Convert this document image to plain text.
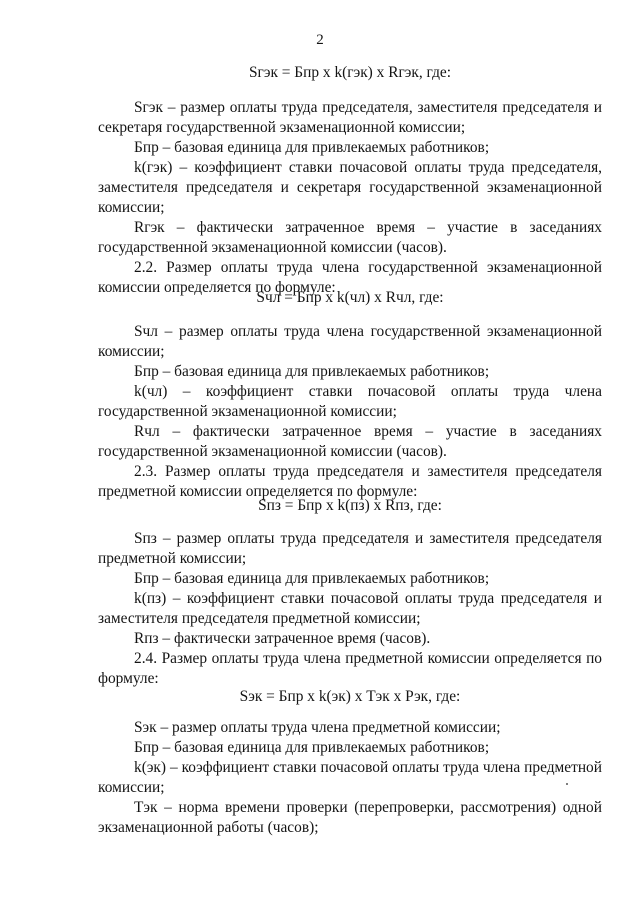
2

Sгэк = Бпр x k(гэк) x Rгэк, где:

Sгэк – размер оплаты труда председателя, заместителя председателя и секретаря государственной экзаменационной комиссии;

Бпр – базовая единица для привлекаемых работников;

k(гэк) – коэффициент ставки почасовой оплаты труда председателя, заместителя председателя и секретаря государственной экзаменационной комиссии;

Rгэк – фактически затраченное время – участие в заседаниях государственной экзаменационной комиссии (часов).

2.2. Размер оплаты труда члена государственной экзаменационной комиссии определяется по формуле:

Sчл = Бпр x k(чл) x Rчл, где:

Sчл – размер оплаты труда члена государственной экзаменационной комиссии;

Бпр – базовая единица для привлекаемых работников;

k(чл) – коэффициент ставки почасовой оплаты труда члена государственной экзаменационной комиссии;

Rчл – фактически затраченное время – участие в заседаниях государственной экзаменационной комиссии (часов).

2.3. Размер оплаты труда председателя и заместителя председателя предметной комиссии определяется по формуле:

Sпз = Бпр x k(пз) x Rпз, где:

Sпз – размер оплаты труда председателя и заместителя председателя предметной комиссии;

Бпр – базовая единица для привлекаемых работников;

k(пз) – коэффициент ставки почасовой оплаты труда председателя и заместителя председателя предметной комиссии;

Rпз – фактически затраченное время (часов).

2.4. Размер оплаты труда члена предметной комиссии определяется по формуле:

Sэк = Бпр x k(эк) x Тэк x Рэк, где:

Sэк – размер оплаты труда члена предметной комиссии;

Бпр – базовая единица для привлекаемых работников;

k(эк) – коэффициент ставки почасовой оплаты труда члена предметной комиссии;

Тэк – норма времени проверки (перепроверки, рассмотрения) одной экзаменационной работы (часов);
